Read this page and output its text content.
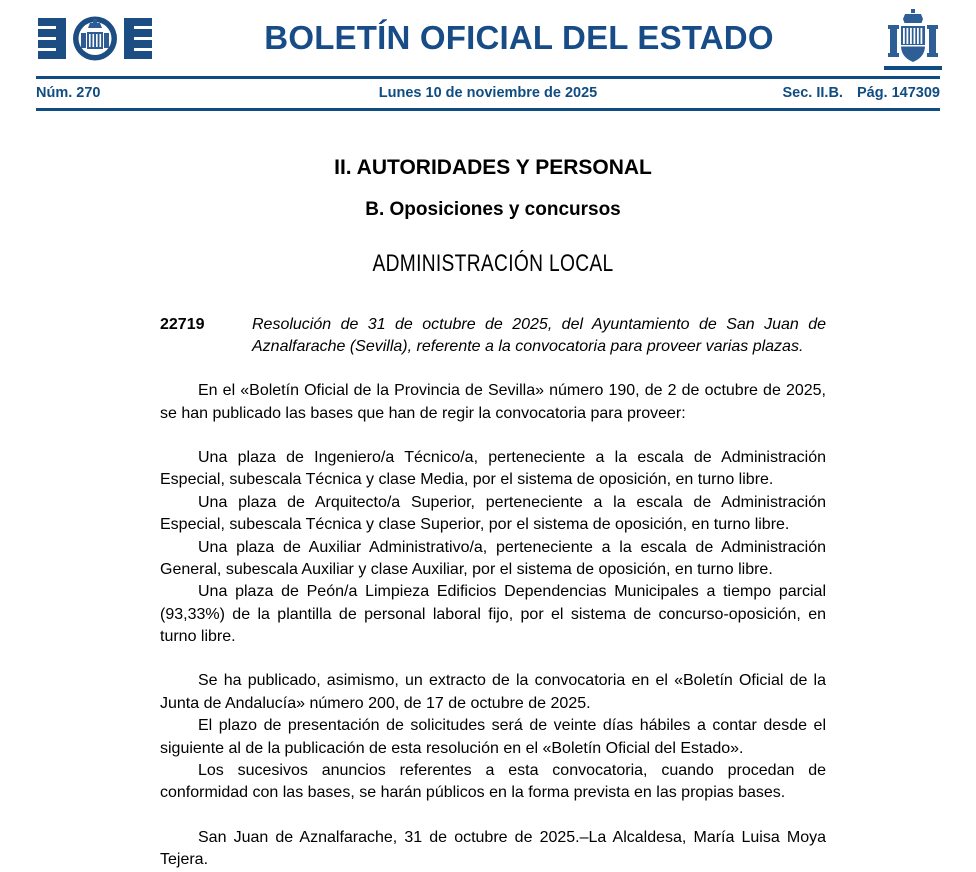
BOLETÍN OFICIAL DEL ESTADO
Núm. 270	Lunes 10 de noviembre de 2025	Sec. II.B. Pág. 147309
II. AUTORIDADES Y PERSONAL
B. Oposiciones y concursos
ADMINISTRACIÓN LOCAL
22719	Resolución de 31 de octubre de 2025, del Ayuntamiento de San Juan de Aznalfarache (Sevilla), referente a la convocatoria para proveer varias plazas.

En el «Boletín Oficial de la Provincia de Sevilla» número 190, de 2 de octubre de 2025, se han publicado las bases que han de regir la convocatoria para proveer:

Una plaza de Ingeniero/a Técnico/a, perteneciente a la escala de Administración Especial, subescala Técnica y clase Media, por el sistema de oposición, en turno libre.

Una plaza de Arquitecto/a Superior, perteneciente a la escala de Administración Especial, subescala Técnica y clase Superior, por el sistema de oposición, en turno libre.

Una plaza de Auxiliar Administrativo/a, perteneciente a la escala de Administración General, subescala Auxiliar y clase Auxiliar, por el sistema de oposición, en turno libre.

Una plaza de Peón/a Limpieza Edificios Dependencias Municipales a tiempo parcial (93,33%) de la plantilla de personal laboral fijo, por el sistema de concurso-oposición, en turno libre.

Se ha publicado, asimismo, un extracto de la convocatoria en el «Boletín Oficial de la Junta de Andalucía» número 200, de 17 de octubre de 2025.

El plazo de presentación de solicitudes será de veinte días hábiles a contar desde el siguiente al de la publicación de esta resolución en el «Boletín Oficial del Estado».

Los sucesivos anuncios referentes a esta convocatoria, cuando procedan de conformidad con las bases, se harán públicos en la forma prevista en las propias bases.

San Juan de Aznalfarache, 31 de octubre de 2025.–La Alcaldesa, María Luisa Moya Tejera.
